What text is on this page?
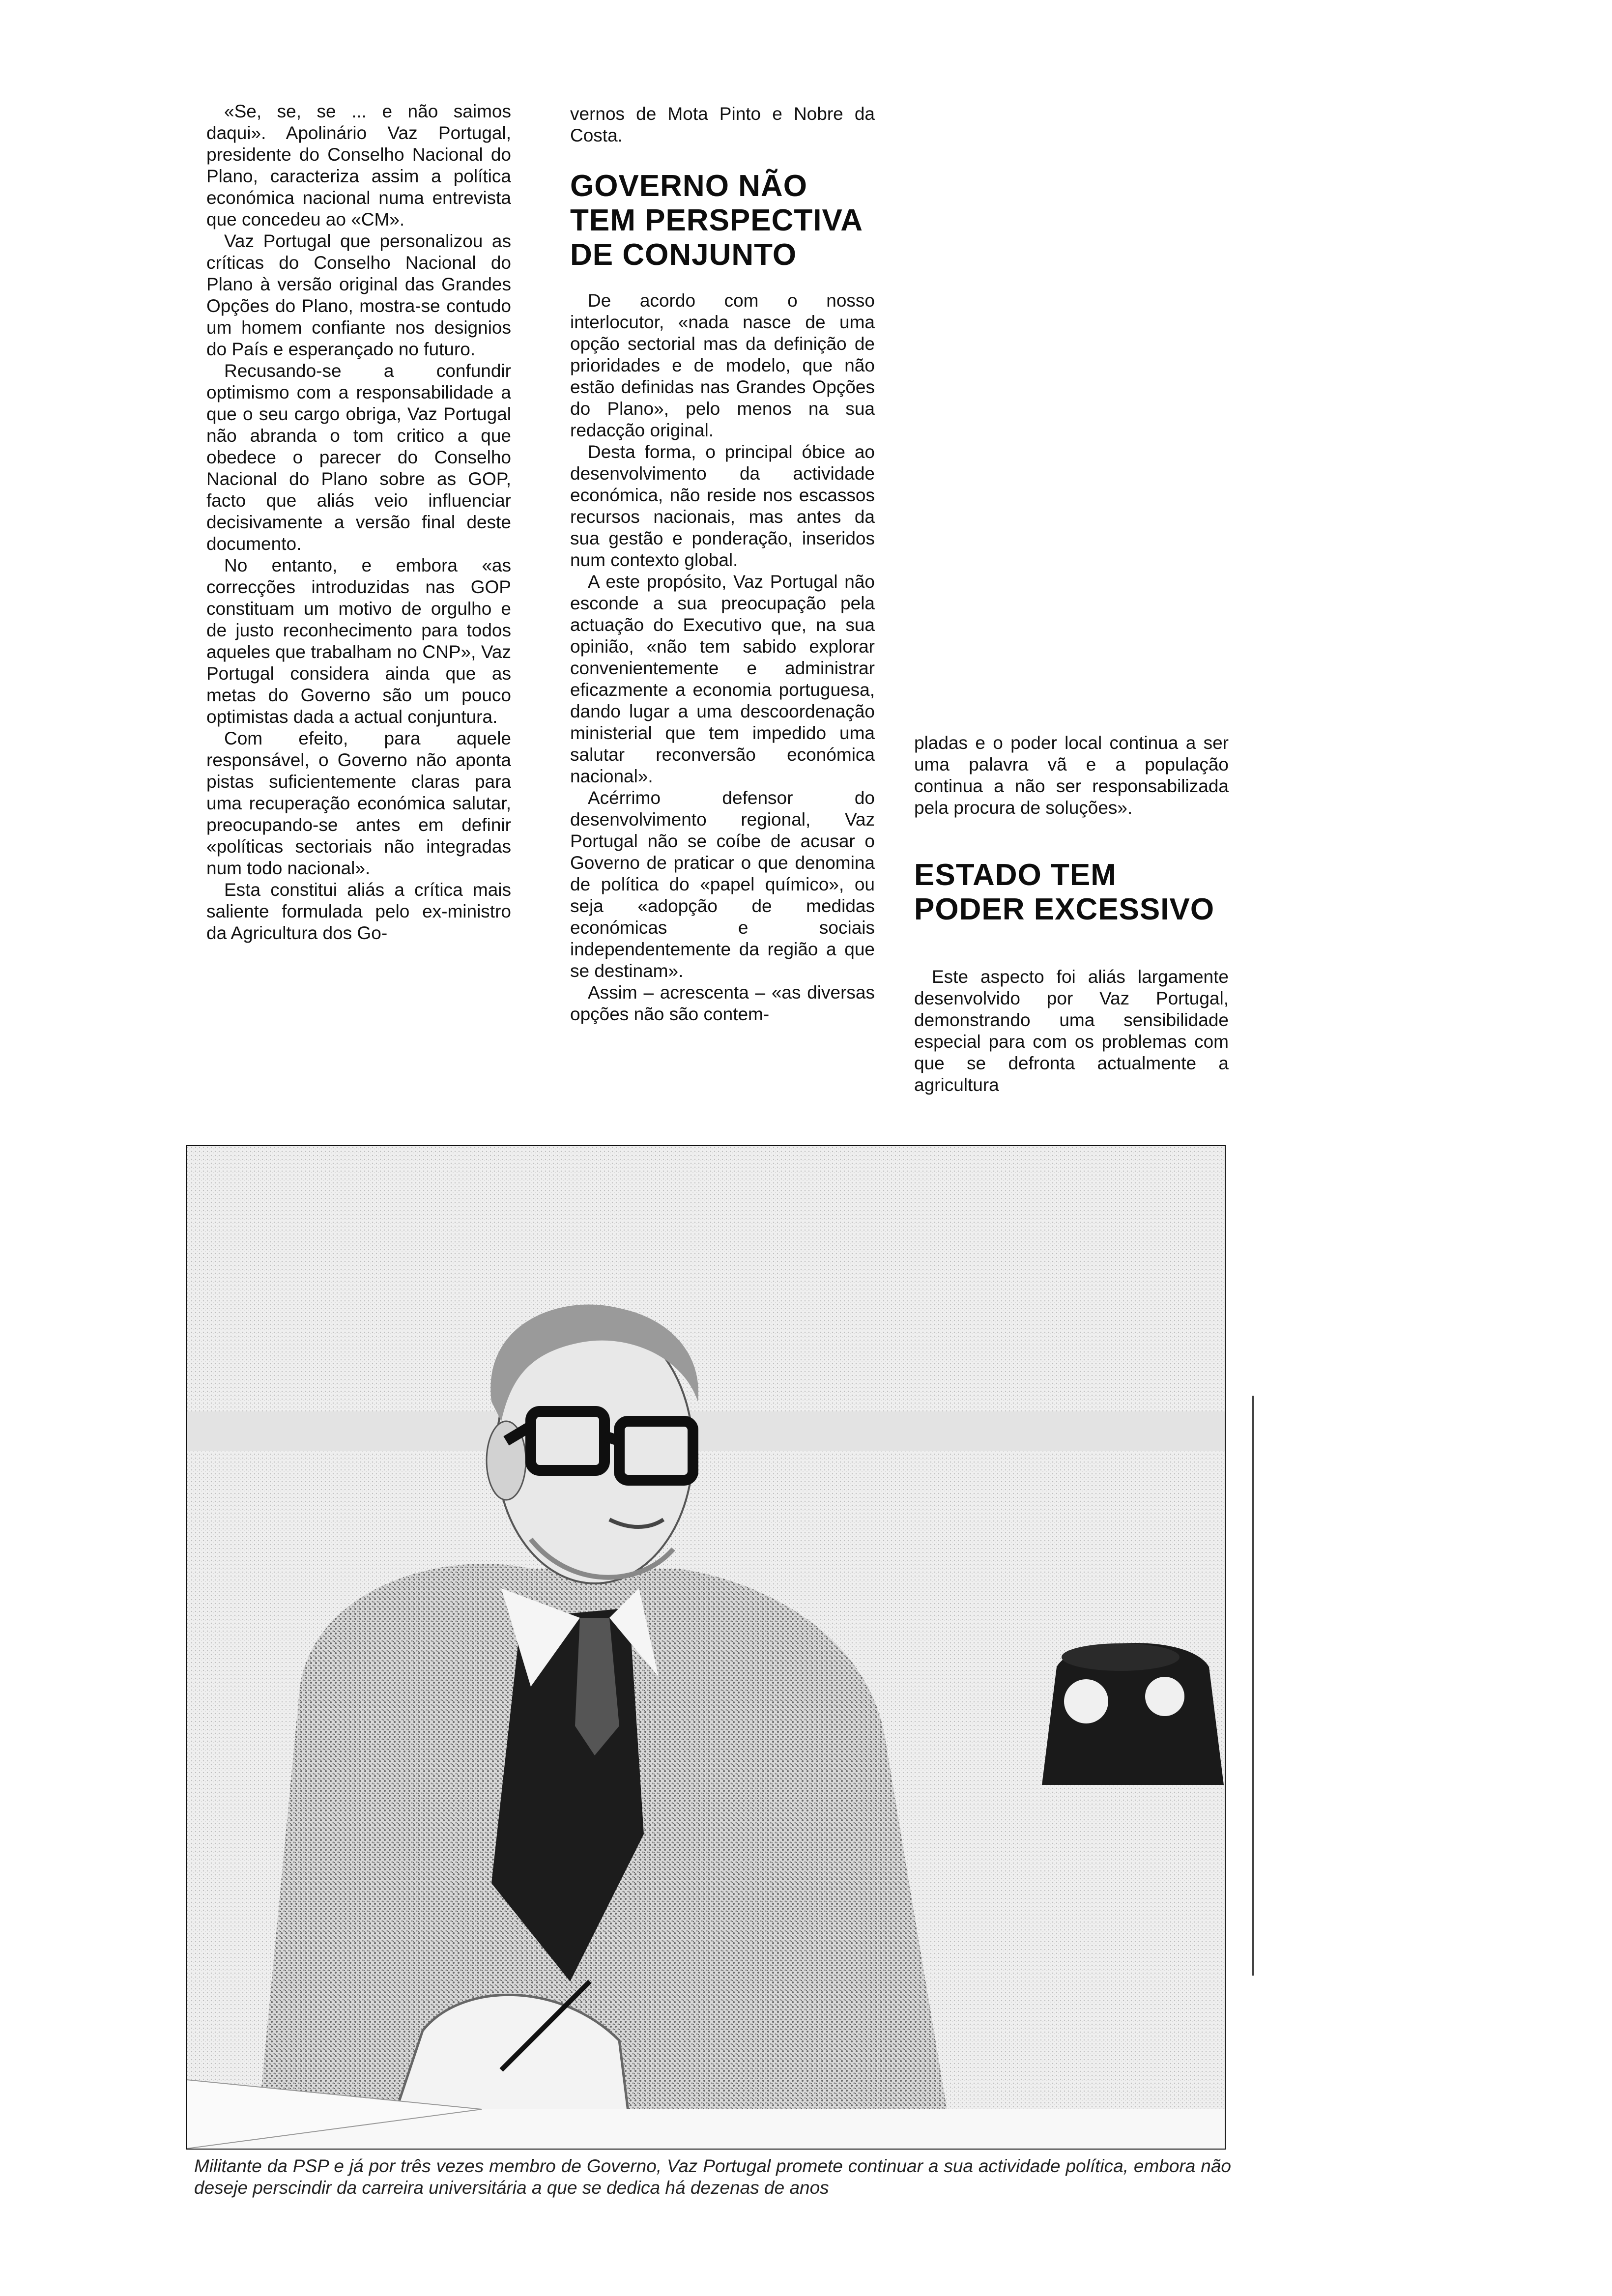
«Se, se, se ... e não saimos daqui». Apolinário Vaz Portugal, presidente do Conselho Nacional do Plano, caracteriza assim a política económica nacional numa entrevista que concedeu ao «CM».

Vaz Portugal que personalizou as críticas do Conselho Nacional do Plano à versão original das Grandes Opções do Plano, mostra-se contudo um homem confiante nos designios do País e esperançado no futuro.

Recusando-se a confundir optimismo com a responsabilidade a que o seu cargo obriga, Vaz Portugal não abranda o tom critico a que obedece o parecer do Conselho Nacional do Plano sobre as GOP, facto que aliás veio influenciar decisivamente a versão final deste documento.

No entanto, e embora «as correcções introduzidas nas GOP constituam um motivo de orgulho e de justo reconhecimento para todos aqueles que trabalham no CNP», Vaz Portugal considera ainda que as metas do Governo são um pouco optimistas dada a actual conjuntura.

Com efeito, para aquele responsável, o Governo não aponta pistas suficientemente claras para uma recuperação económica salutar, preocupando-se antes em definir «políticas sectoriais não integradas num todo nacional».

Esta constitui aliás a crítica mais saliente formulada pelo ex-ministro da Agricultura dos Go-

vernos de Mota Pinto e Nobre da Costa.

GOVERNO NÃO TEM PERSPECTIVA DE CONJUNTO

De acordo com o nosso interlocutor, «nada nasce de uma opção sectorial mas da definição de prioridades e de modelo, que não estão definidas nas Grandes Opções do Plano», pelo menos na sua redacção original.

Desta forma, o principal óbice ao desenvolvimento da actividade económica, não reside nos escassos recursos nacionais, mas antes da sua gestão e ponderação, inseridos num contexto global.

A este propósito, Vaz Portugal não esconde a sua preocupação pela actuação do Executivo que, na sua opinião, «não tem sabido explorar convenientemente e administrar eficazmente a economia portuguesa, dando lugar a uma descoordenação ministerial que tem impedido uma salutar reconversão económica nacional».

Acérrimo defensor do desenvolvimento regional, Vaz Portugal não se coíbe de acusar o Governo de praticar o que denomina de política do «papel químico», ou seja «adopção de medidas económicas e sociais independentemente da região a que se destinam».

Assim – acrescenta – «as diversas opções não são contem-

pladas e o poder local continua a ser uma palavra vã e a população continua a não ser responsabilizada pela procura de soluções».

ESTADO TEM PODER EXCESSIVO

Este aspecto foi aliás largamente desenvolvido por Vaz Portugal, demonstrando uma sensibilidade especial para com os problemas com que se defronta actualmente a agricultura

Militante da PSP e já por três vezes membro de Governo, Vaz Portugal promete continuar a sua actividade política, embora não deseje perscindir da carreira universitária a que se dedica há dezenas de anos
